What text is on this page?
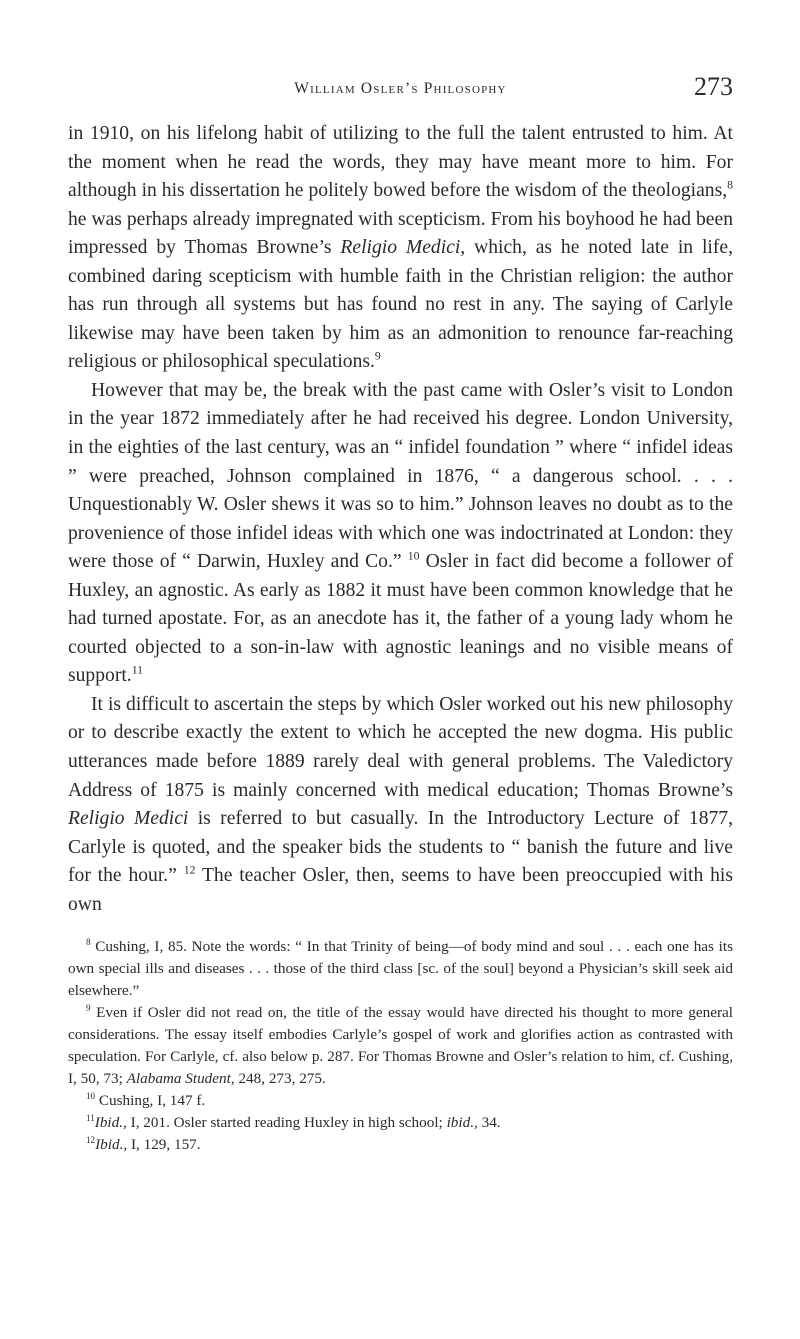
William Osler’s Philosophy	273

in 1910, on his lifelong habit of utilizing to the full the talent entrusted to him. At the moment when he read the words, they may have meant more to him. For although in his dissertation he politely bowed before the wisdom of the theologians,$^8$ he was perhaps already impregnated with scepticism. From his boyhood he had been impressed by Thomas Browne’s Religio Medici, which, as he noted late in life, combined daring scepticism with humble faith in the Christian religion: the author has run through all systems but has found no rest in any. The saying of Carlyle likewise may have been taken by him as an admonition to renounce far-reaching religious or philosophical speculations.$^9$

However that may be, the break with the past came with Osler’s visit to London in the year 1872 immediately after he had received his degree. London University, in the eighties of the last century, was an “ infidel foundation ” where “ infidel ideas ” were preached, Johnson complained in 1876, “ a dangerous school. . . . Unquestionably W. Osler shews it was so to him.” Johnson leaves no doubt as to the provenience of those infidel ideas with which one was indoctrinated at London: they were those of “ Darwin, Huxley and Co.” $^{10}$ Osler in fact did become a follower of Huxley, an agnostic. As early as 1882 it must have been common knowledge that he had turned apostate. For, as an anecdote has it, the father of a young lady whom he courted objected to a son-in-law with agnostic leanings and no visible means of support.$^{11}$

It is difficult to ascertain the steps by which Osler worked out his new philosophy or to describe exactly the extent to which he accepted the new dogma. His public utterances made before 1889 rarely deal with general problems. The Valedictory Address of 1875 is mainly concerned with medical education; Thomas Browne’s Religio Medici is referred to but casually. In the Introductory Lecture of 1877, Carlyle is quoted, and the speaker bids the students to “ banish the future and live for the hour.” $^{12}$ The teacher Osler, then, seems to have been preoccupied with his own

$^8$ Cushing, I, 85. Note the words: “ In that Trinity of being—of body mind and soul . . . each one has its own special ills and diseases . . . those of the third class [sc. of the soul] beyond a Physician’s skill seek aid elsewhere.”

$^9$ Even if Osler did not read on, the title of the essay would have directed his thought to more general considerations. The essay itself embodies Carlyle’s gospel of work and glorifies action as contrasted with speculation. For Carlyle, cf. also below p. 287. For Thomas Browne and Osler’s relation to him, cf. Cushing, I, 50, 73; Alabama Student, 248, 273, 275.

$^{10}$ Cushing, I, 147 f.

$^{11}$Ibid., I, 201. Osler started reading Huxley in high school; ibid., 34.

$^{12}$Ibid., I, 129, 157.
